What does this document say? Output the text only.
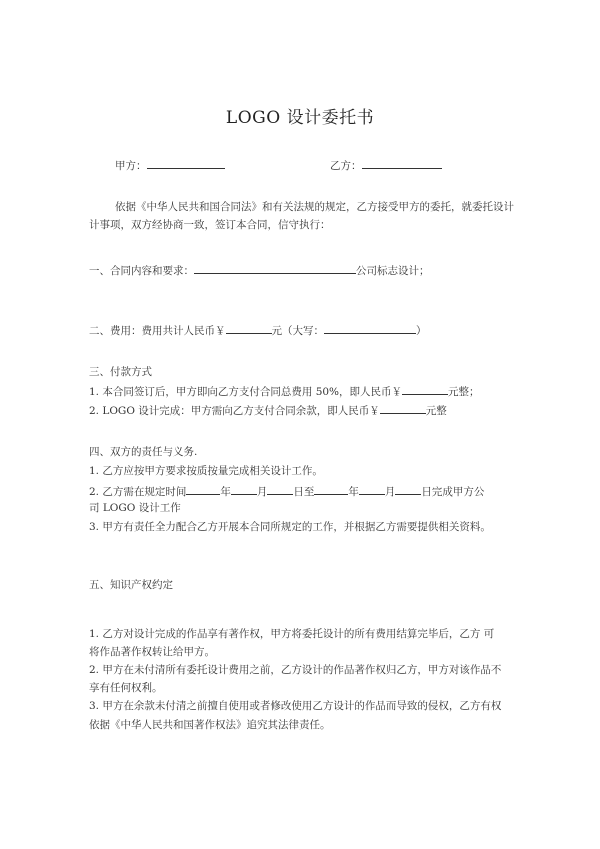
LOGO 设计委托书
甲方：	乙方：
依据《中华人民共和国合同法》和有关法规的规定，乙方接受甲方的委托，就委托设计
计事项，双方经协商一致，签订本合同，信守执行：
一、合同内容和要求：	公司标志设计；
二、费用：费用共计人民币￥	元（大写：	）
三、付款方式
1. 本合同签订后，甲方即向乙方支付合同总费用 50%，即人民币￥	元整；
2. LOGO 设计完成：甲方需向乙方支付合同余款，即人民币￥	元整
四、双方的责任与义务.
1. 乙方应按甲方要求按质按量完成相关设计工作。
2. 乙方需在规定时间	年 月 日至	年 月 日完成甲方公
司 LOGO 设计工作
3. 甲方有责任全力配合乙方开展本合同所规定的工作，并根据乙方需要提供相关资料。
五、知识产权约定
1. 乙方对设计完成的作品享有著作权，甲方将委托设计的所有费用结算完毕后，乙方 可
将作品著作权转让给甲方。
2. 甲方在未付清所有委托设计费用之前，乙方设计的作品著作权归乙方，甲方对该作品不
享有任何权利。
3. 甲方在余款未付清之前擅自使用或者修改使用乙方设计的作品而导致的侵权，乙方有权
依据《中华人民共和国著作权法》追究其法律责任。
